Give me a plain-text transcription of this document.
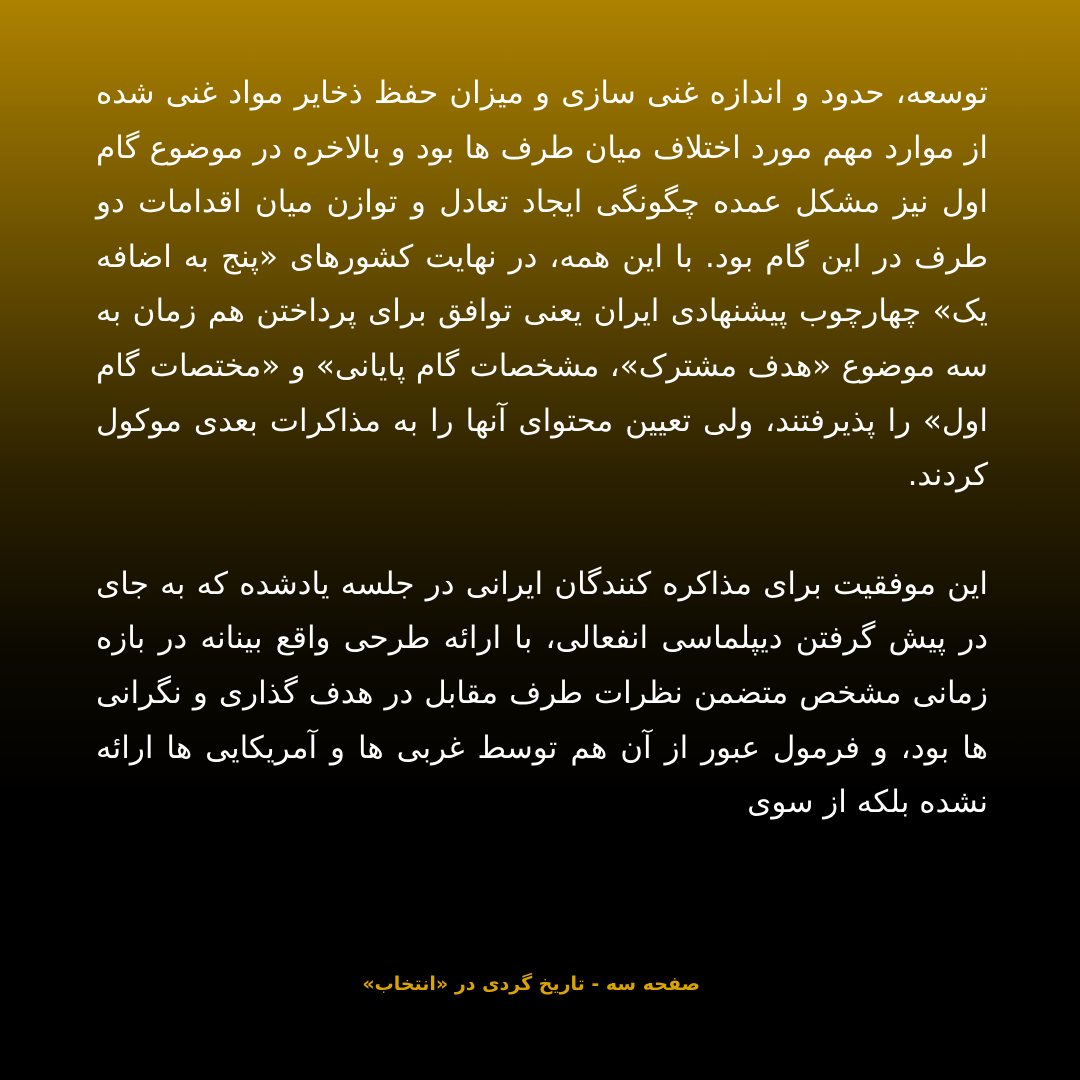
توسعه، حدود و اندازه غنی سازی و میزان حفظ ذخایر مواد غنی شده از موارد مهم مورد اختلاف میان طرف ها بود و بالاخره در موضوع گام اول نیز مشکل عمده چگونگی ایجاد تعادل و توازن میان اقدامات دو طرف در این گام بود. با این همه، در نهایت کشورهای «پنج به اضافه یک» چهارچوب پیشنهادی ایران یعنی توافق برای پرداختن هم زمان به سه موضوع «هدف مشترک»، مشخصات گام پایانی» و «مختصات گام اول» را پذیرفتند، ولی تعیین محتوای آنها را به مذاکرات بعدی موکول کردند.

این موفقیت برای مذاکره کنندگان ایرانی در جلسه یادشده که به جای در پیش گرفتن دیپلماسی انفعالی، با ارائه طرحی واقع بینانه در بازه زمانی مشخص متضمن نظرات طرف مقابل در هدف گذاری و نگرانی ها بود، و فرمول عبور از آن هم توسط غربی ها و آمریکایی ها ارائه نشده بلکه از سوی

صفحه سه - تاریخ گردی در «انتخاب»
